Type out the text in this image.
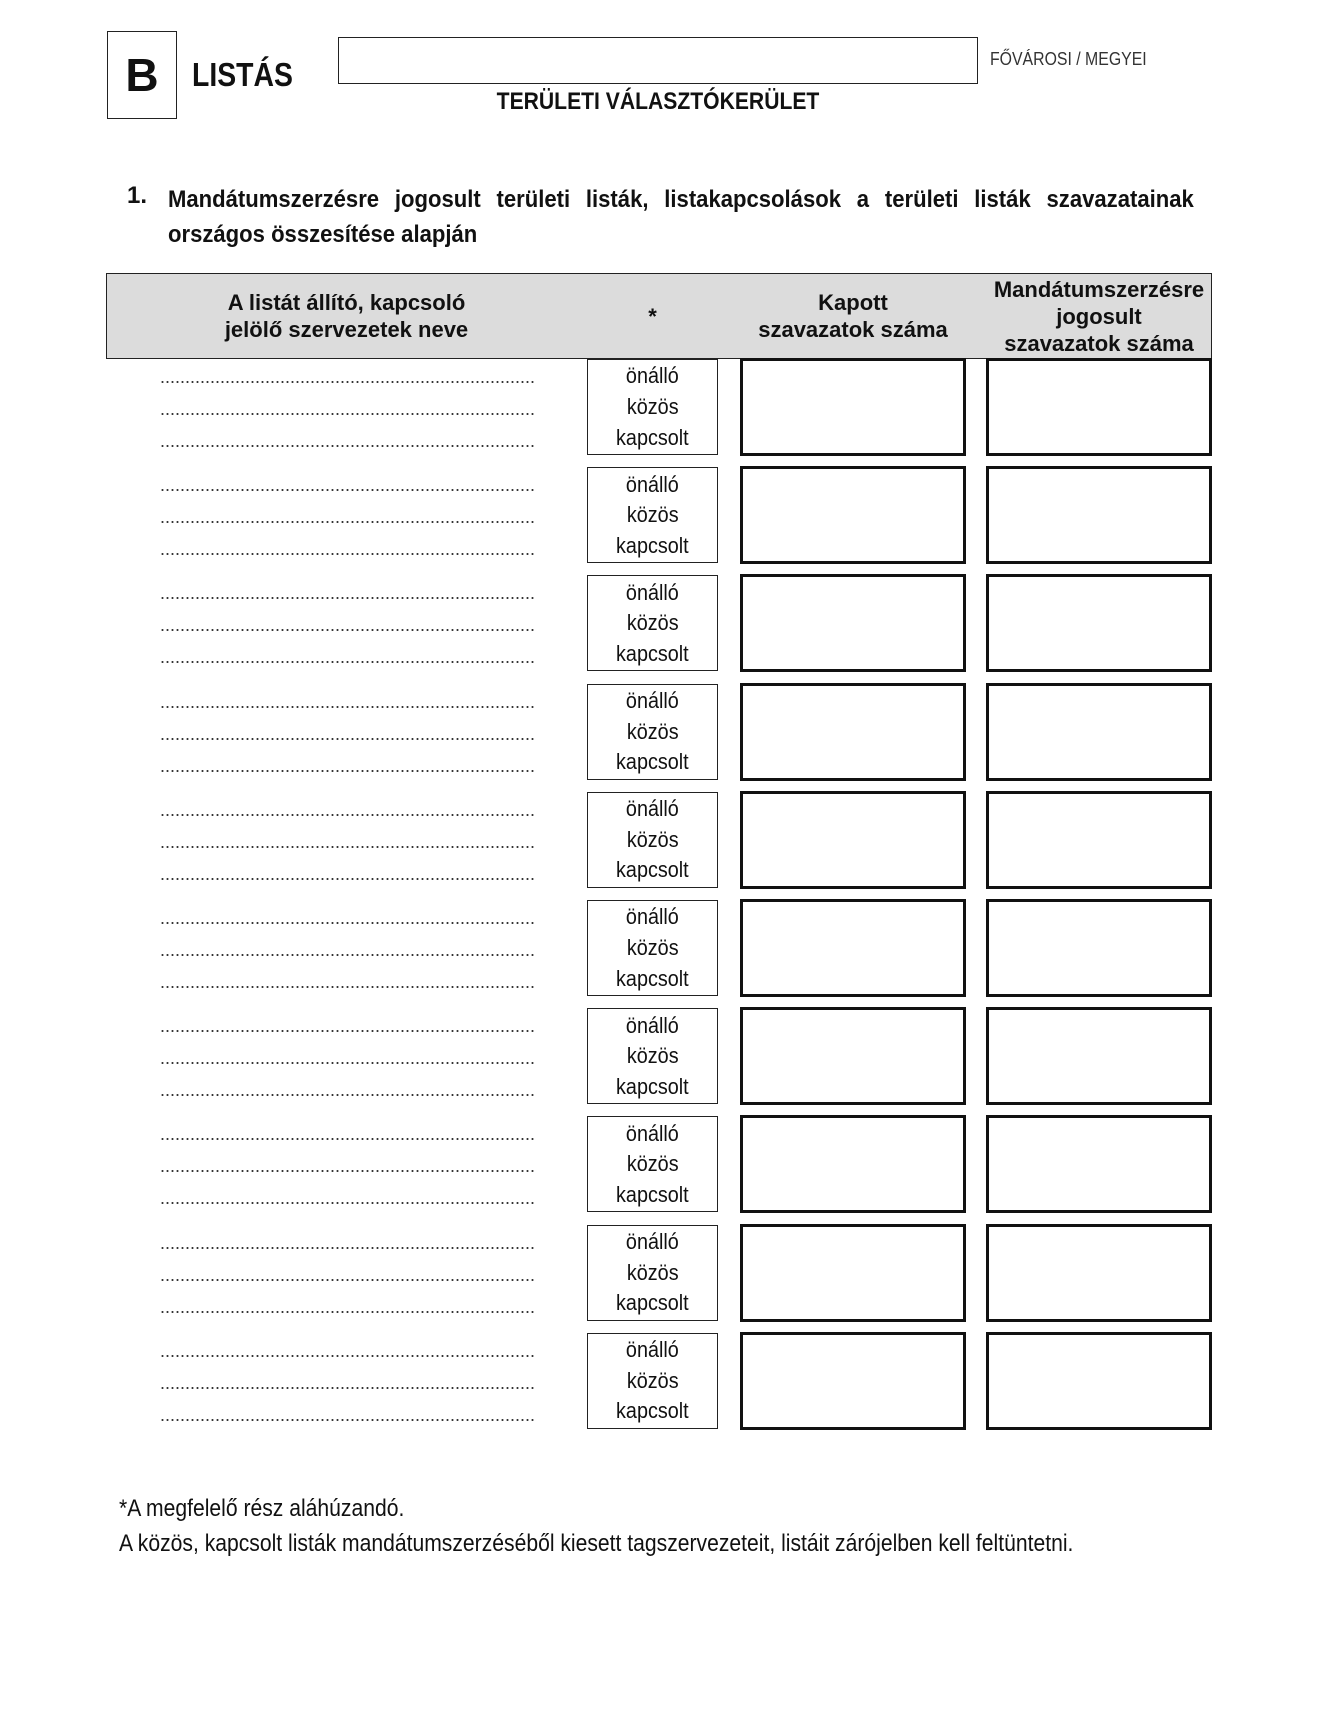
B	LISTÁS	FŐVÁROSI / MEGYEI
TERÜLETI VÁLASZTÓKERÜLET
1. Mandátumszerzésre jogosult területi listák, listakapcsolások a területi listák szavazatainak országos összesítése alapján
A listát állító, kapcsoló
jelölő szervezetek neve
*
Kapott
szavazatok száma
Mandátumszerzésre
jogosult
szavazatok száma
önálló
közös
kapcsolt
önálló
közös
kapcsolt
önálló
közös
kapcsolt
önálló
közös
kapcsolt
önálló
közös
kapcsolt
önálló
közös
kapcsolt
önálló
közös
kapcsolt
önálló
közös
kapcsolt
önálló
közös
kapcsolt
önálló
közös
kapcsolt
*A megfelelő rész aláhúzandó.
A közös, kapcsolt listák mandátumszerzéséből kiesett tagszervezeteit, listáit zárójelben kell feltüntetni.
